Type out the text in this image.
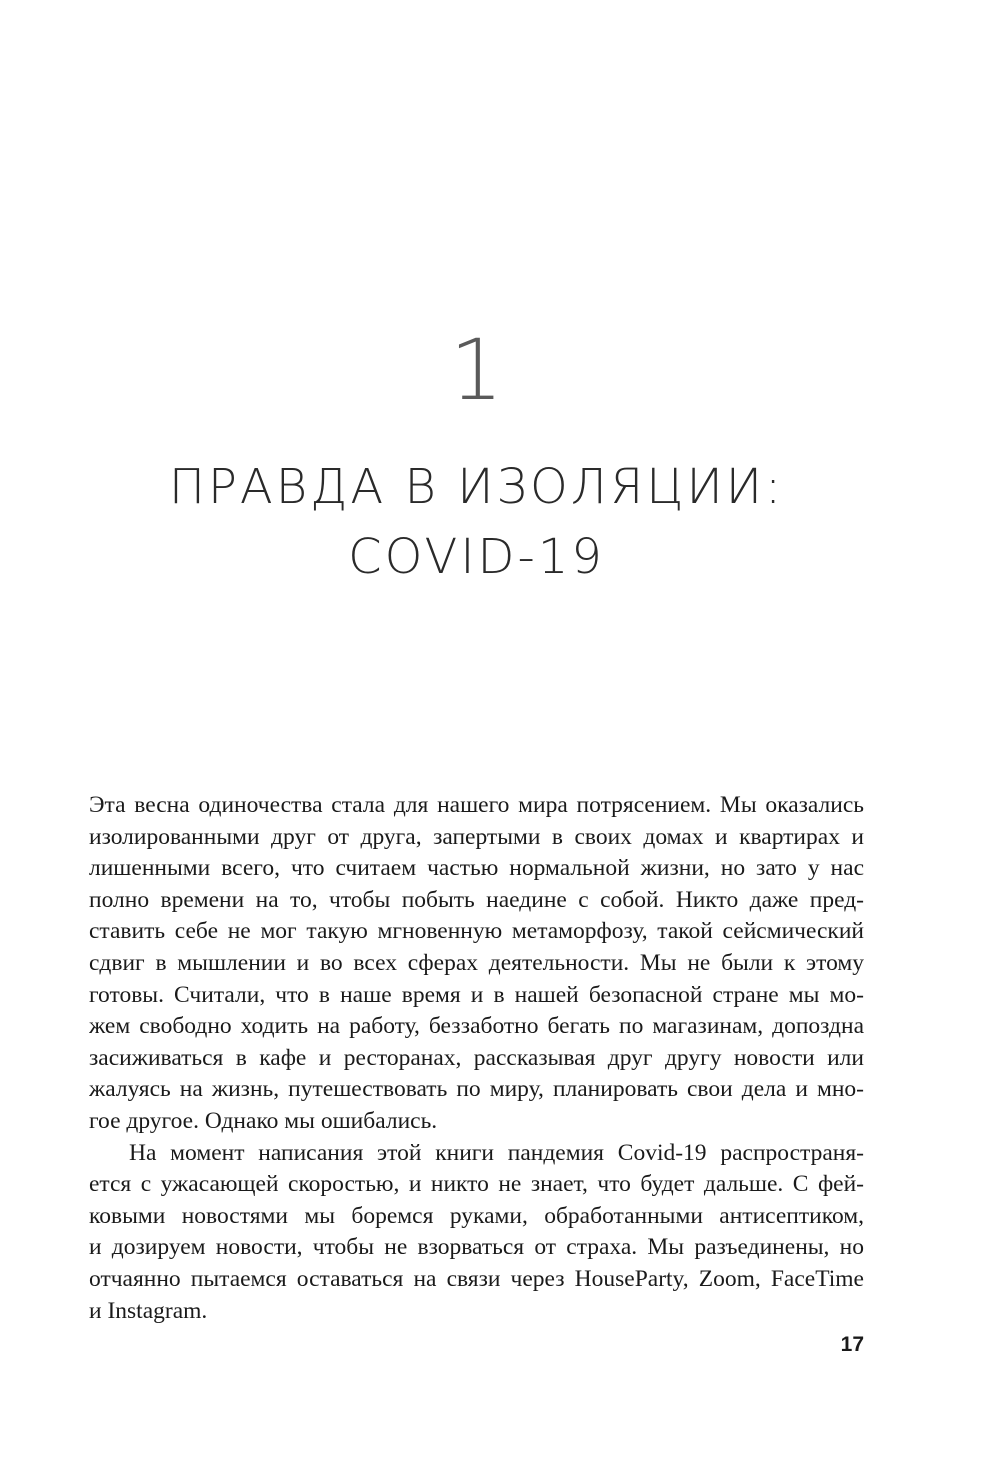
1
ПРАВДА В ИЗОЛЯЦИИ:
COVID-19
Эта весна одиночества стала для нашего мира потрясением. Мы оказались
изолированными друг от друга, запертыми в своих домах и квартирах и
лишенными всего, что считаем частью нормальной жизни, но зато у нас
полно времени на то, чтобы побыть наедине с собой. Никто даже пред-
ставить себе не мог такую мгновенную метаморфозу, такой сейсмический
сдвиг в мышлении и во всех сферах деятельности. Мы не были к этому
готовы. Считали, что в наше время и в нашей безопасной стране мы мо-
жем свободно ходить на работу, беззаботно бегать по магазинам, допоздна
засиживаться в кафе и ресторанах, рассказывая друг другу новости или
жалуясь на жизнь, путешествовать по миру, планировать свои дела и мно-
гое другое. Однако мы ошибались.
На момент написания этой книги пандемия Covid-19 распространя-
ется с ужасающей скоростью, и никто не знает, что будет дальше. С фей-
ковыми новостями мы боремся руками, обработанными антисептиком,
и дозируем новости, чтобы не взорваться от страха. Мы разъединены, но
отчаянно пытаемся оставаться на связи через HouseParty, Zoom, FaceTime
и Instagram.
17
